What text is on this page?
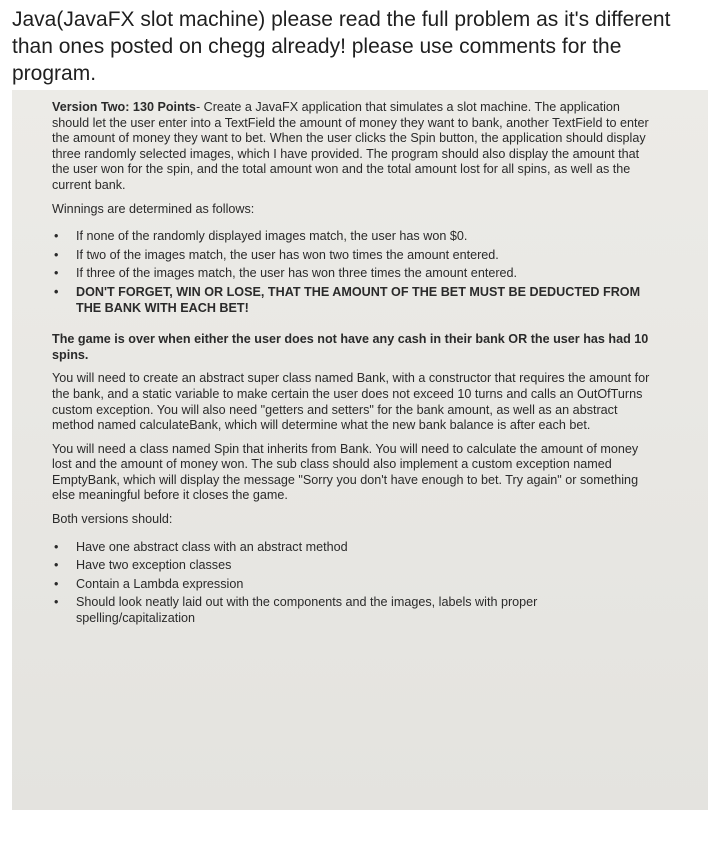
Java(JavaFX slot machine) please read the full problem as it's different than ones posted on chegg already! please use comments for the program.

Version Two: 130 Points- Create a JavaFX application that simulates a slot machine. The application should let the user enter into a TextField the amount of money they want to bank, another TextField to enter the amount of money they want to bet. When the user clicks the Spin button, the application should display three randomly selected images, which I have provided. The program should also display the amount that the user won for the spin, and the total amount won and the total amount lost for all spins, as well as the current bank.

Winnings are determined as follows:

•	If none of the randomly displayed images match, the user has won $0.
•	If two of the images match, the user has won two times the amount entered.
•	If three of the images match, the user has won three times the amount entered.
•	DON'T FORGET, WIN OR LOSE, THAT THE AMOUNT OF THE BET MUST BE DEDUCTED FROM THE BANK WITH EACH BET!

The game is over when either the user does not have any cash in their bank OR the user has had 10 spins.

You will need to create an abstract super class named Bank, with a constructor that requires the amount for the bank, and a static variable to make certain the user does not exceed 10 turns and calls an OutOfTurns custom exception. You will also need "getters and setters" for the bank amount, as well as an abstract method named calculateBank, which will determine what the new bank balance is after each bet.

You will need a class named Spin that inherits from Bank. You will need to calculate the amount of money lost and the amount of money won. The sub class should also implement a custom exception named EmptyBank, which will display the message "Sorry you don't have enough to bet. Try again" or something else meaningful before it closes the game.

Both versions should:

•	Have one abstract class with an abstract method
•	Have two exception classes
•	Contain a Lambda expression
•	Should look neatly laid out with the components and the images, labels with proper spelling/capitalization
